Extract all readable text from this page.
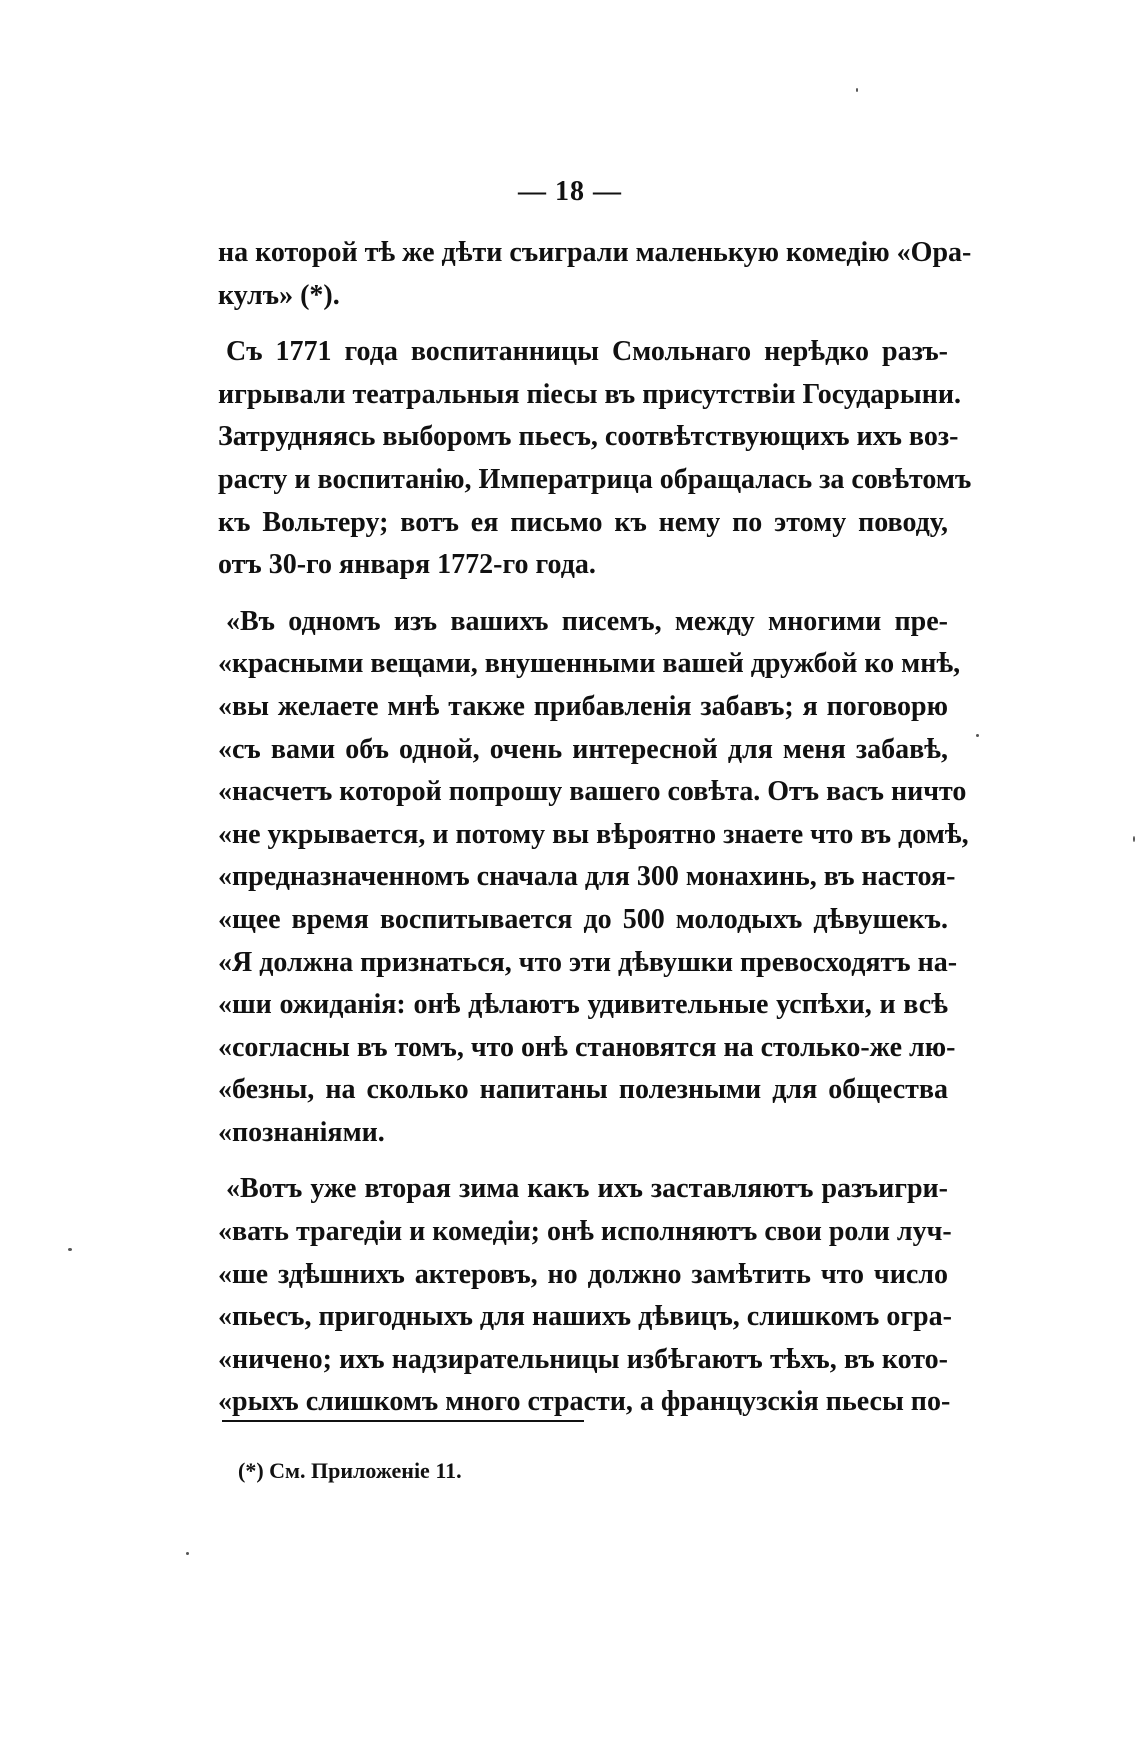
— 18 —
на которой тѣ же дѣти съиграли маленькую комедію «Ора-
кулъ» (*).
Съ 1771 года воспитанницы Смольнаго нерѣдко разъ-
игрывали театральныя піесы въ присутствіи Государыни.
Затрудняясь выборомъ пьесъ, соотвѣтствующихъ ихъ воз-
расту и воспитанію, Императрица обращалась за совѣтомъ
къ Вольтеру; вотъ ея письмо къ нему по этому поводу,
отъ 30-го января 1772-го года.
«Въ одномъ изъ вашихъ писемъ, между многими пре-
«красными вещами, внушенными вашей дружбой ко мнѣ,
«вы желаете мнѣ также прибавленія забавъ; я поговорю
«съ вами объ одной, очень интересной для меня забавѣ,
«насчетъ которой попрошу вашего совѣта. Отъ васъ ничто
«не укрывается, и потому вы вѣроятно знаете что въ домѣ,
«предназначенномъ сначала для 300 монахинь, въ настоя-
«щее время воспитывается до 500 молодыхъ дѣвушекъ.
«Я должна признаться, что эти дѣвушки превосходятъ на-
«ши ожиданія: онѣ дѣлаютъ удивительные успѣхи, и всѣ
«согласны въ томъ, что онѣ становятся на столько-же лю-
«безны, на сколько напитаны полезными для общества
«познаніями.
«Вотъ уже вторая зима какъ ихъ заставляютъ разъигри-
«вать трагедіи и комедіи; онѣ исполняютъ свои роли луч-
«ше здѣшнихъ актеровъ, но должно замѣтить что число
«пьесъ, пригодныхъ для нашихъ дѣвицъ, слишкомъ огра-
«ничено; ихъ надзирательницы избѣгаютъ тѣхъ, въ кото-
«рыхъ слишкомъ много страсти, а французскія пьесы по-
(*) См. Приложеніе 11.
